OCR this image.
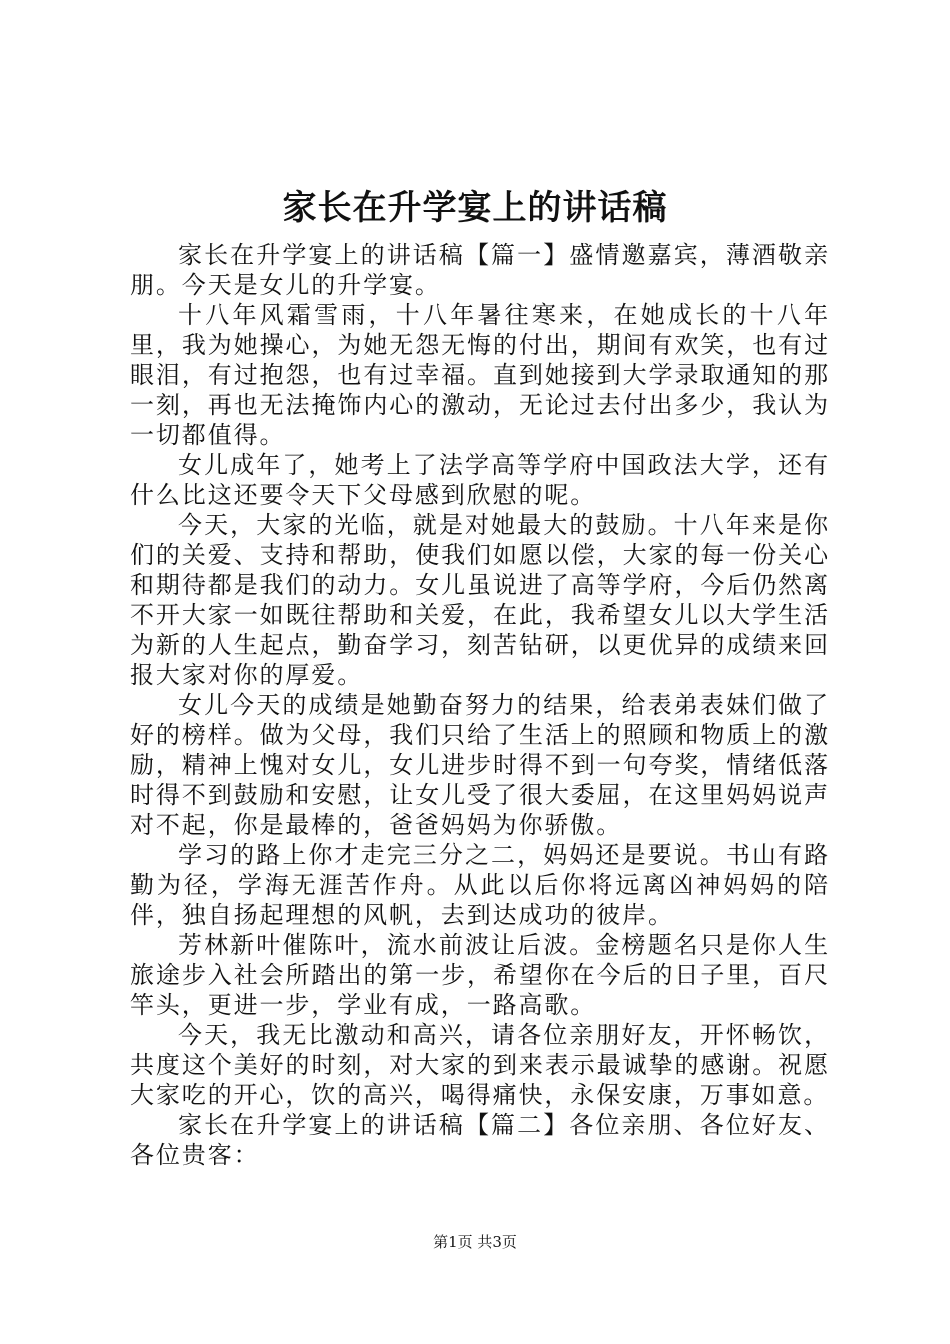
家长在升学宴上的讲话稿

家长在升学宴上的讲话稿【篇一】盛情邀嘉宾，薄酒敬亲朋。今天是女儿的升学宴。

十八年风霜雪雨，十八年暑往寒来，在她成长的十八年里，我为她操心，为她无怨无悔的付出，期间有欢笑，也有过眼泪，有过抱怨，也有过幸福。直到她接到大学录取通知的那一刻，再也无法掩饰内心的激动，无论过去付出多少，我认为一切都值得。

女儿成年了，她考上了法学高等学府中国政法大学，还有什么比这还要令天下父母感到欣慰的呢。

今天，大家的光临，就是对她最大的鼓励。十八年来是你们的关爱、支持和帮助，使我们如愿以偿，大家的每一份关心和期待都是我们的动力。女儿虽说进了高等学府，今后仍然离不开大家一如既往帮助和关爱，在此，我希望女儿以大学生活为新的人生起点，勤奋学习，刻苦钻研，以更优异的成绩来回报大家对你的厚爱。

女儿今天的成绩是她勤奋努力的结果，给表弟表妹们做了好的榜样。做为父母，我们只给了生活上的照顾和物质上的激励，精神上愧对女儿，女儿进步时得不到一句夸奖，情绪低落时得不到鼓励和安慰，让女儿受了很大委屈，在这里妈妈说声对不起，你是最棒的，爸爸妈妈为你骄傲。

学习的路上你才走完三分之二，妈妈还是要说。书山有路勤为径，学海无涯苦作舟。从此以后你将远离凶神妈妈的陪伴，独自扬起理想的风帆，去到达成功的彼岸。

芳林新叶催陈叶，流水前波让后波。金榜题名只是你人生旅途步入社会所踏出的第一步，希望你在今后的日子里，百尺竿头，更进一步，学业有成，一路高歌。

今天，我无比激动和高兴，请各位亲朋好友，开怀畅饮，共度这个美好的时刻，对大家的到来表示最诚挚的感谢。祝愿大家吃的开心，饮的高兴，喝得痛快，永保安康，万事如意。

家长在升学宴上的讲话稿【篇二】各位亲朋、各位好友、各位贵客：

第1页 共3页
